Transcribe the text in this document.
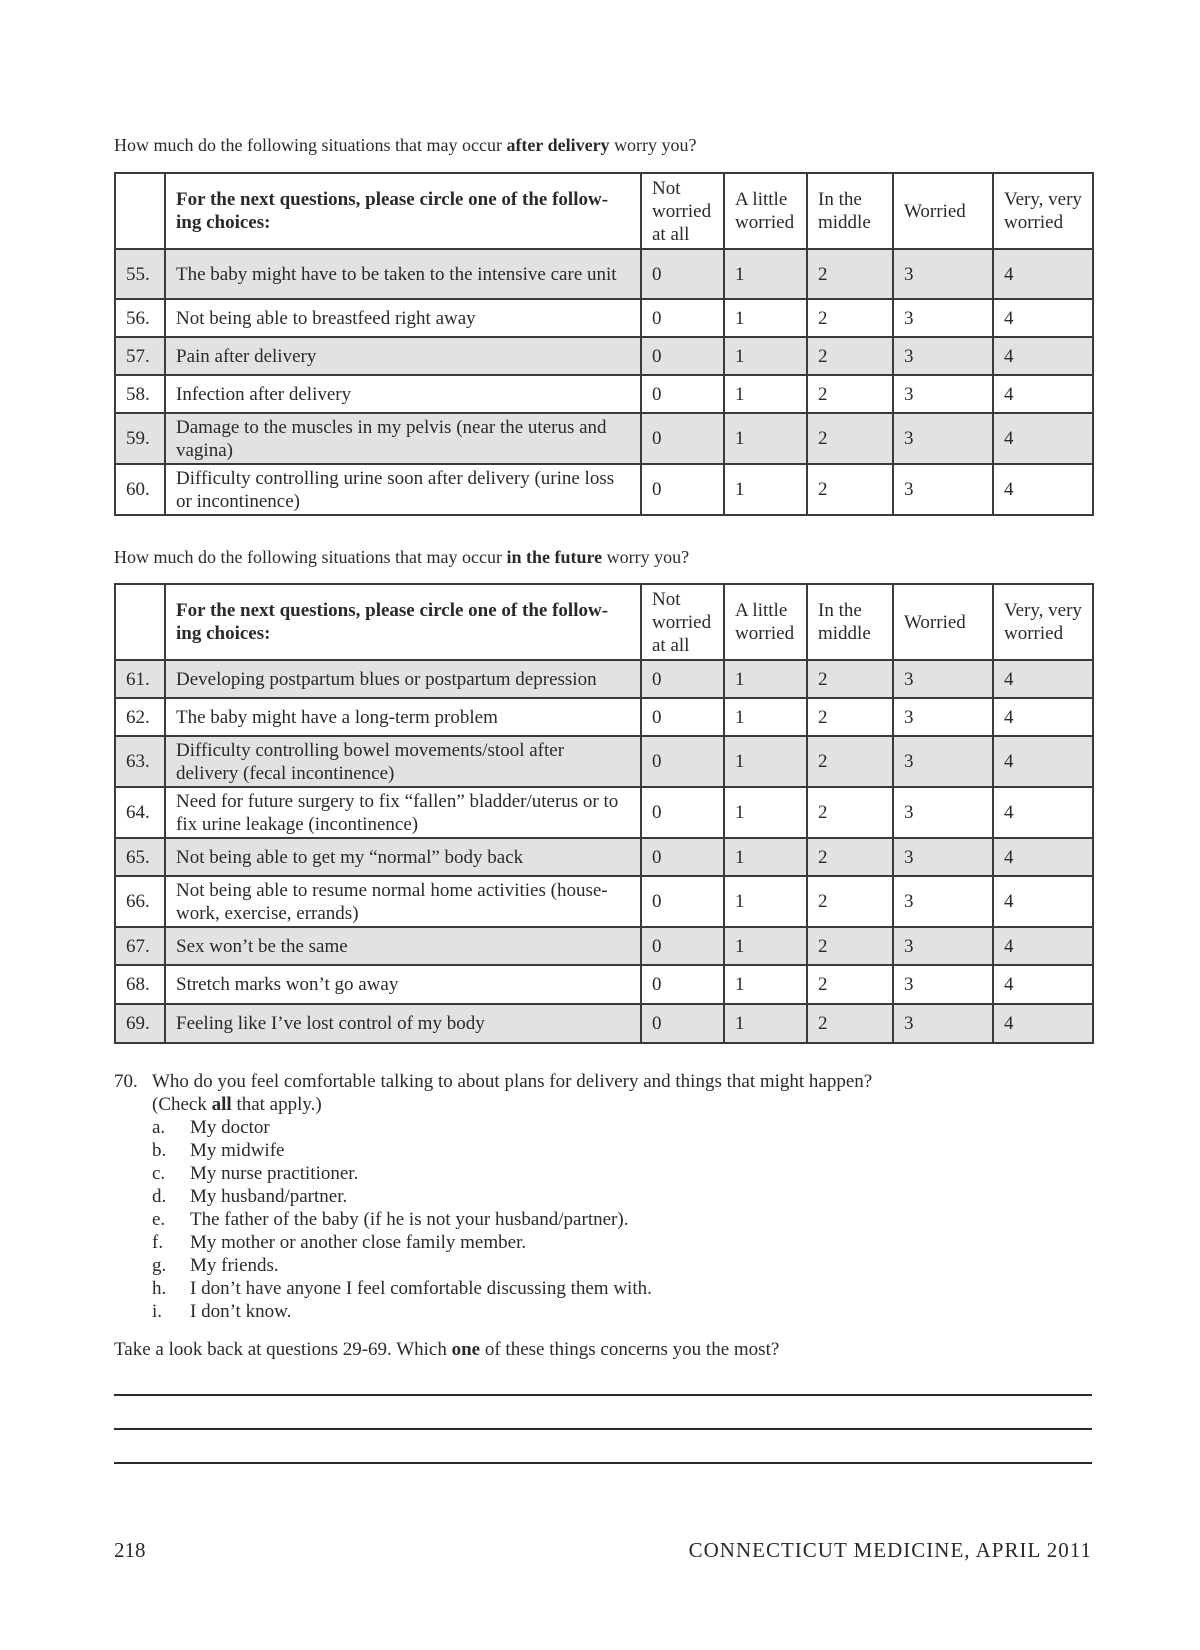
How much do the following situations that may occur after delivery worry you?
	For the next questions, please circle one of the follow-ing choices:	Not worried at all	A little worried	In the middle	Worried	Very, very worried
55.	The baby might have to be taken to the intensive care unit	0	1	2	3	4
56.	Not being able to breastfeed right away	0	1	2	3	4
57.	Pain after delivery	0	1	2	3	4
58.	Infection after delivery	0	1	2	3	4
59.	Damage to the muscles in my pelvis (near the uterus and vagina)	0	1	2	3	4
60.	Difficulty controlling urine soon after delivery (urine loss or incontinence)	0	1	2	3	4
How much do the following situations that may occur in the future worry you?
	For the next questions, please circle one of the follow-ing choices:	Not worried at all	A little worried	In the middle	Worried	Very, very worried
61.	Developing postpartum blues or postpartum depression	0	1	2	3	4
62.	The baby might have a long-term problem	0	1	2	3	4
63.	Difficulty controlling bowel movements/stool after delivery (fecal incontinence)	0	1	2	3	4
64.	Need for future surgery to fix “fallen” bladder/uterus or to fix urine leakage (incontinence)	0	1	2	3	4
65.	Not being able to get my “normal” body back	0	1	2	3	4
66.	Not being able to resume normal home activities (house-work, exercise, errands)	0	1	2	3	4
67.	Sex won’t be the same	0	1	2	3	4
68.	Stretch marks won’t go away	0	1	2	3	4
69.	Feeling like I’ve lost control of my body	0	1	2	3	4
70. Who do you feel comfortable talking to about plans for delivery and things that might happen?
(Check all that apply.)
a.	My doctor
b.	My midwife
c.	My nurse practitioner.
d.	My husband/partner.
e.	The father of the baby (if he is not your husband/partner).
f.	My mother or another close family member.
g.	My friends.
h.	I don’t have anyone I feel comfortable discussing them with.
i.	I don’t know.
Take a look back at questions 29-69. Which one of these things concerns you the most?
218	CONNECTICUT MEDICINE, APRIL 2011
